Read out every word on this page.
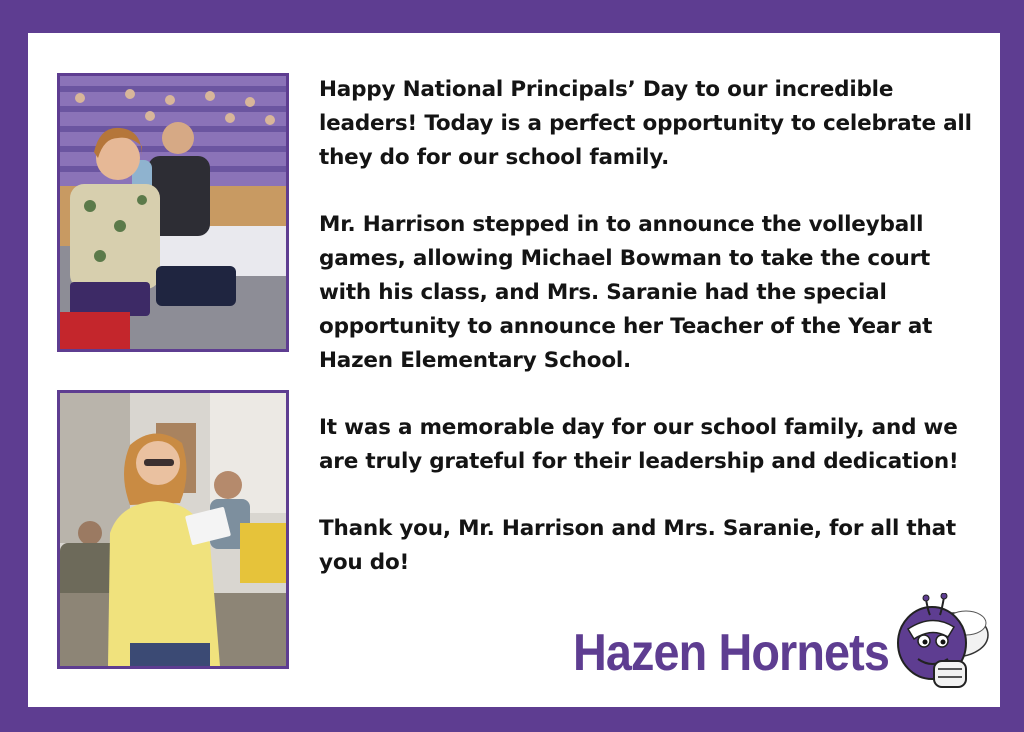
Happy National Principals’ Day to our incredible leaders! Today is a perfect opportunity to celebrate all they do for our school family.

Mr. Harrison stepped in to announce the volleyball games, allowing Michael Bowman to take the court with his class, and Mrs. Saranie had the special opportunity to announce her Teacher of the Year at Hazen Elementary School.

It was a memorable day for our school family, and we are truly grateful for their leadership and dedication!

Thank you, Mr. Harrison and Mrs. Saranie, for all that you do!

Hazen Hornets
